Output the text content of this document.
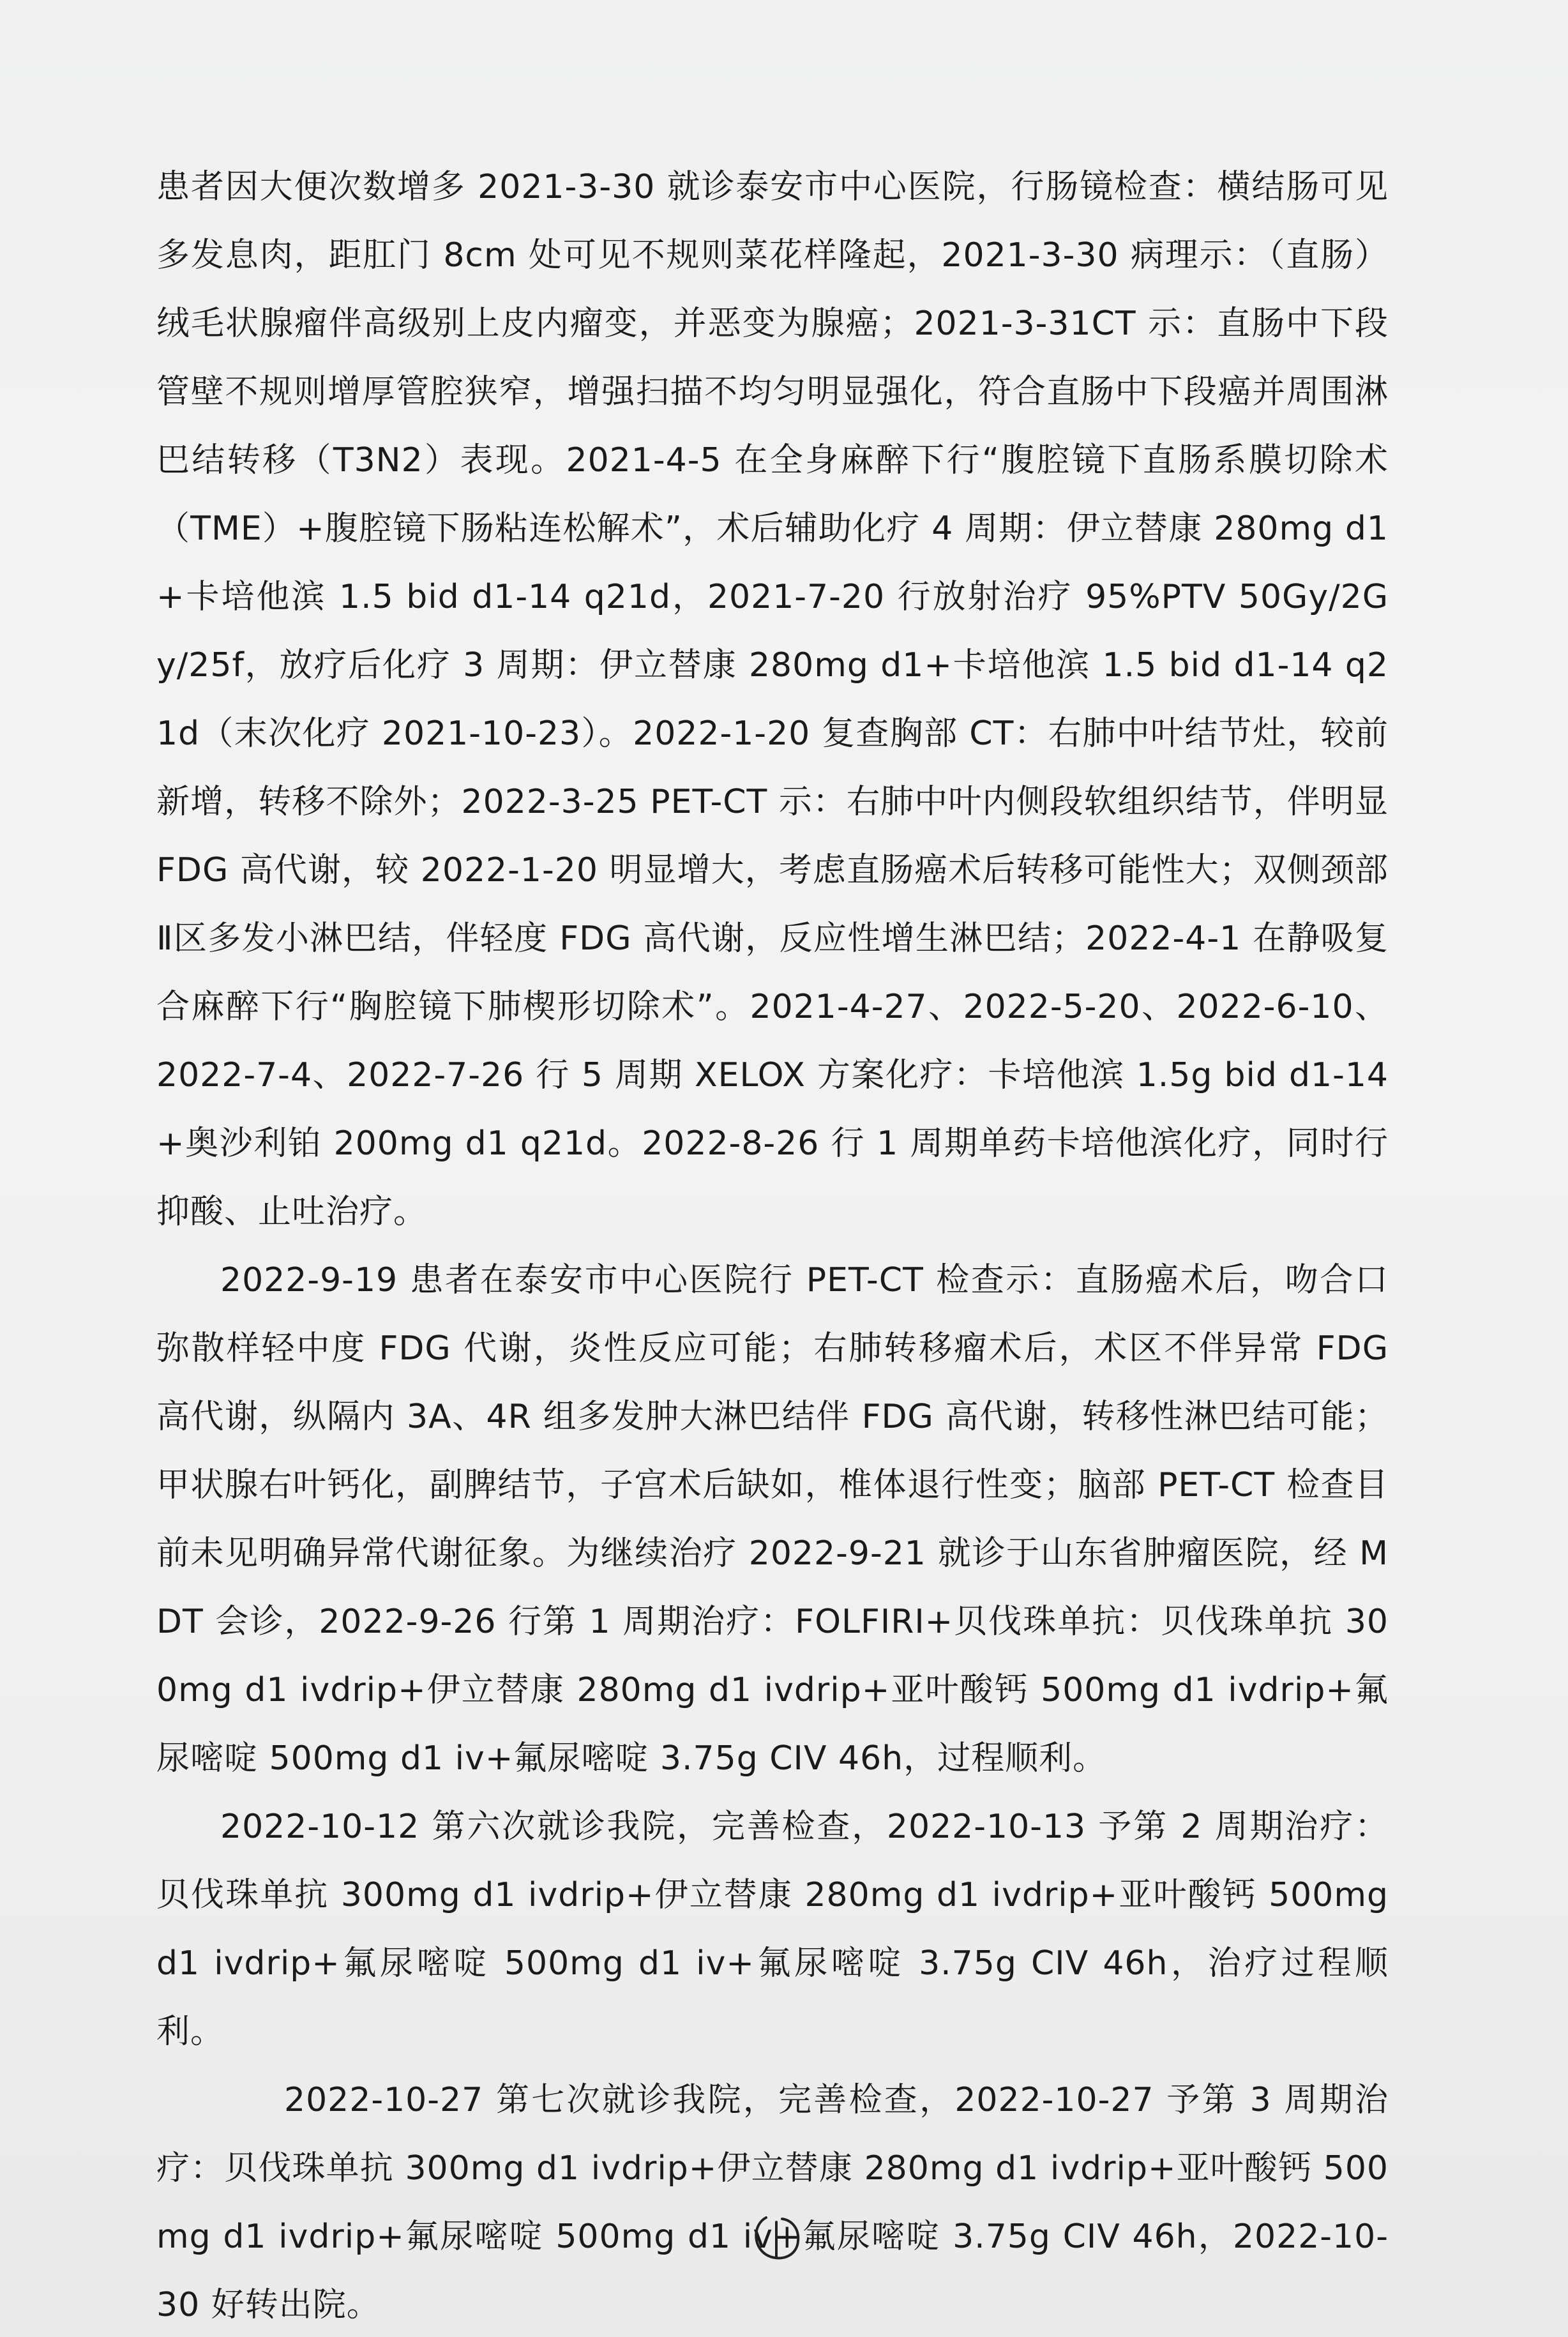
患者因大便次数增多 2021-3-30 就诊泰安市中心医院，行肠镜检查：横结肠可见多发息肉，距肛门 8cm 处可见不规则菜花样隆起，2021-3-30 病理示：（直肠）绒毛状腺瘤伴高级别上皮内瘤变，并恶变为腺癌；2021-3-31CT 示：直肠中下段管壁不规则增厚管腔狭窄，增强扫描不均匀明显强化，符合直肠中下段癌并周围淋巴结转移（T3N2）表现。2021-4-5 在全身麻醉下行“腹腔镜下直肠系膜切除术（TME）+腹腔镜下肠粘连松解术”，术后辅助化疗 4 周期：伊立替康 280mg d1+卡培他滨 1.5 bid d1-14 q21d，2021-7-20 行放射治疗 95%PTV 50Gy/2Gy/25f，放疗后化疗 3 周期：伊立替康 280mg d1+卡培他滨 1.5 bid d1-14 q21d（末次化疗 2021-10-23）。2022-1-20 复查胸部 CT：右肺中叶结节灶，较前新增，转移不除外；2022-3-25 PET-CT 示：右肺中叶内侧段软组织结节，伴明显 FDG 高代谢，较 2022-1-20 明显增大，考虑直肠癌术后转移可能性大；双侧颈部Ⅱ区多发小淋巴结，伴轻度 FDG 高代谢，反应性增生淋巴结；2022-4-1 在静吸复合麻醉下行“胸腔镜下肺楔形切除术”。2021-4-27、2022-5-20、2022-6-10、2022-7-4、2022-7-26 行 5 周期 XELOX 方案化疗：卡培他滨 1.5g bid d1-14+奥沙利铂 200mg d1 q21d。2022-8-26 行 1 周期单药卡培他滨化疗，同时行抑酸、止吐治疗。

2022-9-19 患者在泰安市中心医院行 PET-CT 检查示：直肠癌术后，吻合口弥散样轻中度 FDG 代谢，炎性反应可能；右肺转移瘤术后，术区不伴异常 FDG 高代谢，纵隔内 3A、4R 组多发肿大淋巴结伴 FDG 高代谢，转移性淋巴结可能；甲状腺右叶钙化，副脾结节，子宫术后缺如，椎体退行性变；脑部 PET-CT 检查目前未见明确异常代谢征象。为继续治疗 2022-9-21 就诊于山东省肿瘤医院，经 MDT 会诊，2022-9-26 行第 1 周期治疗：FOLFIRI+贝伐珠单抗：贝伐珠单抗 300mg d1 ivdrip+伊立替康 280mg d1 ivdrip+亚叶酸钙 500mg d1 ivdrip+氟尿嘧啶 500mg d1 iv+氟尿嘧啶 3.75g CIV 46h，过程顺利。

2022-10-12 第六次就诊我院，完善检查，2022-10-13 予第 2 周期治疗：贝伐珠单抗 300mg d1 ivdrip+伊立替康 280mg d1 ivdrip+亚叶酸钙 500mg d1 ivdrip+氟尿嘧啶 500mg d1 iv+氟尿嘧啶 3.75g CIV 46h，治疗过程顺利。

2022-10-27 第七次就诊我院，完善检查，2022-10-27 予第 3 周期治疗：贝伐珠单抗 300mg d1 ivdrip+伊立替康 280mg d1 ivdrip+亚叶酸钙 500mg d1 ivdrip+氟尿嘧啶 500mg d1 iv+氟尿嘧啶 3.75g CIV 46h，2022-10-30 好转出院。
